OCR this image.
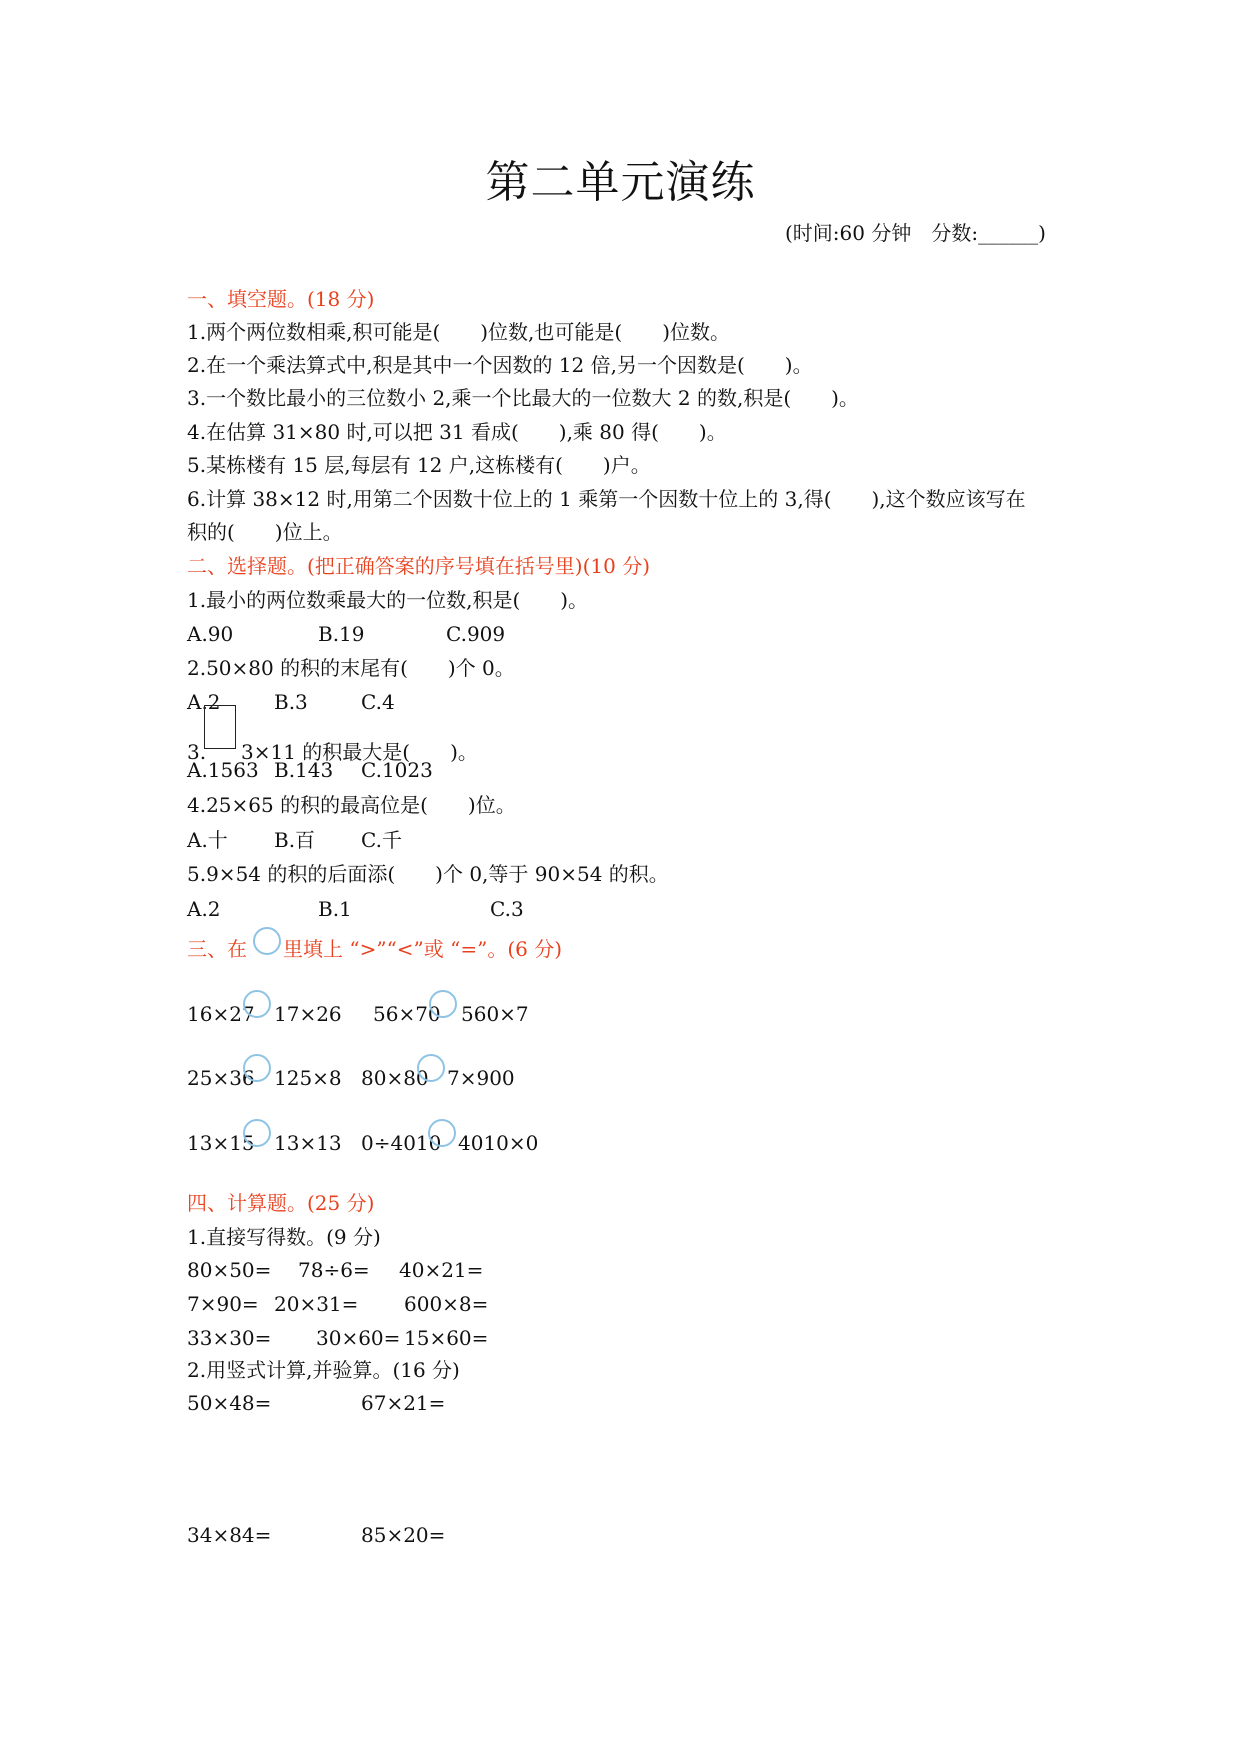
第二单元演练
(时间:60 分钟　分数:______)
一、填空题。(18 分)
1.两个两位数相乘,积可能是(　　)位数,也可能是(　　)位数。
2.在一个乘法算式中,积是其中一个因数的 12 倍,另一个因数是(　　)。
3.一个数比最小的三位数小 2,乘一个比最大的一位数大 2 的数,积是(　　)。
4.在估算 31×80 时,可以把 31 看成(　　),乘 80 得(　　)。
5.某栋楼有 15 层,每层有 12 户,这栋楼有(　　)户。
6.计算 38×12 时,用第二个因数十位上的 1 乘第一个因数十位上的 3,得(　　),这个数应该写在
积的(　　)位上。
二、选择题。(把正确答案的序号填在括号里)(10 分)
1.最小的两位数乘最大的一位数,积是(　　)。
A.90	B.19	C.909
2.50×80 的积的末尾有(　　)个 0。
A.2	B.3	C.4
3. 3×11 的积最大是(　　)。
A.1563 B.143 C.1023
4.25×65 的积的最高位是(　　)位。
A.十 B.百 C.千
5.9×54 的积的后面添(　　)个 0,等于 90×54 的积。
A.2	B.1	C.3
三、在 里填上 “>”“<”或 “=”。(6 分)
16×27 17×26 56×70 560×7
25×36 125×8 80×80 7×900
13×15 13×13 0÷4010 4010×0
四、计算题。(25 分)
1.直接写得数。(9 分)
80×50= 78÷6= 40×21=
7×90= 20×31= 600×8=
33×30= 30×60= 15×60=
2.用竖式计算,并验算。(16 分)
50×48=	67×21=
34×84=	85×20=
